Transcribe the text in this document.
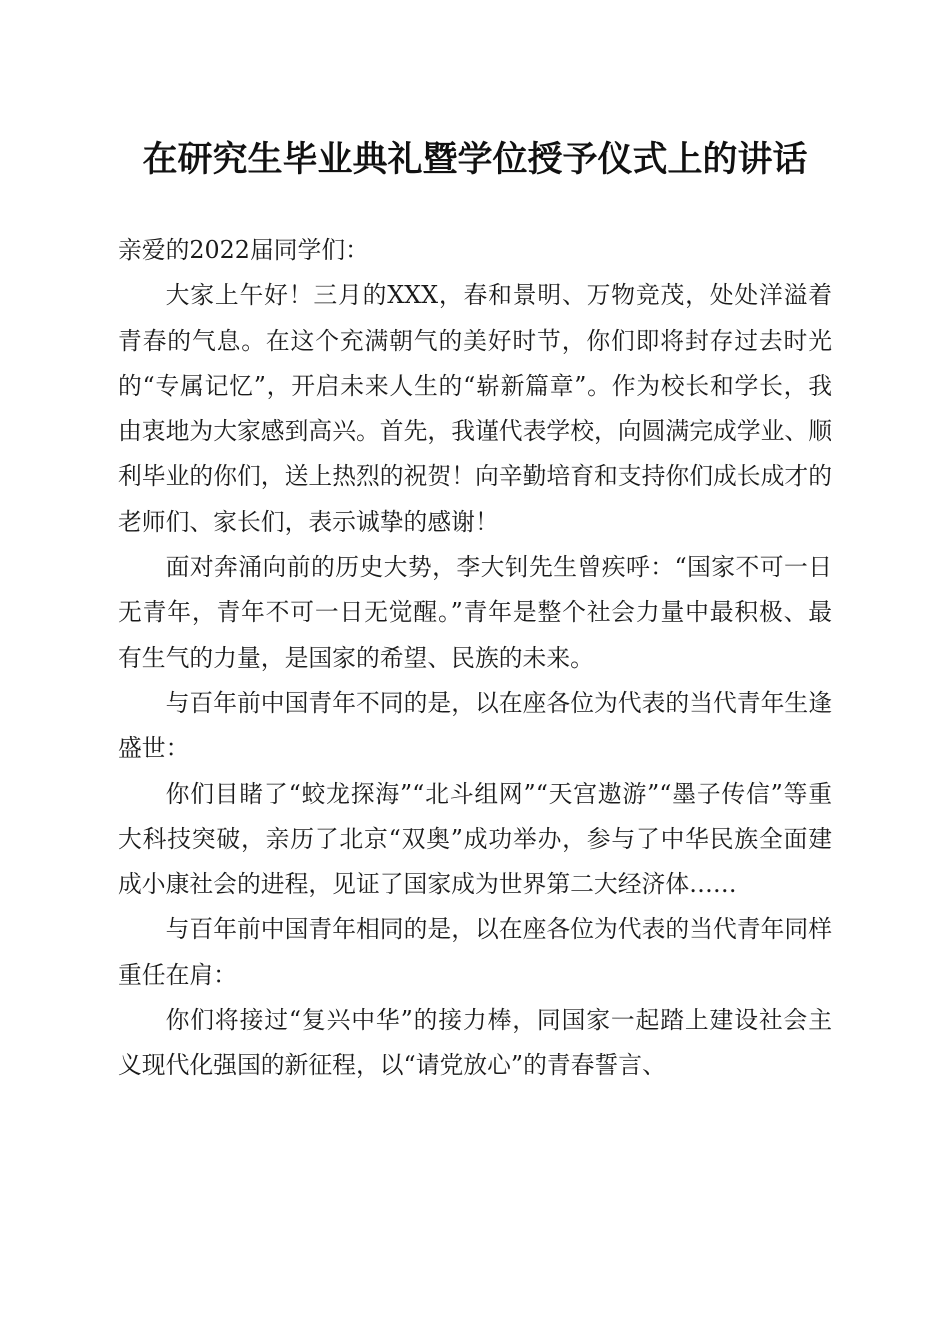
在研究生毕业典礼暨学位授予仪式上的讲话

亲爱的2022届同学们：

大家上午好！三月的XXX，春和景明、万物竞茂，处处洋溢着青春的气息。在这个充满朝气的美好时节，你们即将封存过去时光的“专属记忆”，开启未来人生的“崭新篇章”。作为校长和学长，我由衷地为大家感到高兴。首先，我谨代表学校，向圆满完成学业、顺利毕业的你们，送上热烈的祝贺！向辛勤培育和支持你们成长成才的老师们、家长们，表示诚挚的感谢！

面对奔涌向前的历史大势，李大钊先生曾疾呼：“国家不可一日无青年，青年不可一日无觉醒。”青年是整个社会力量中最积极、最有生气的力量，是国家的希望、民族的未来。

与百年前中国青年不同的是，以在座各位为代表的当代青年生逢盛世：

你们目睹了“蛟龙探海”“北斗组网”“天宫遨游”“墨子传信”等重大科技突破，亲历了北京“双奥”成功举办，参与了中华民族全面建成小康社会的进程，见证了国家成为世界第二大经济体……

与百年前中国青年相同的是，以在座各位为代表的当代青年同样重任在肩：

你们将接过“复兴中华”的接力棒，同国家一起踏上建设社会主义现代化强国的新征程，以“请党放心”的青春誓言、
